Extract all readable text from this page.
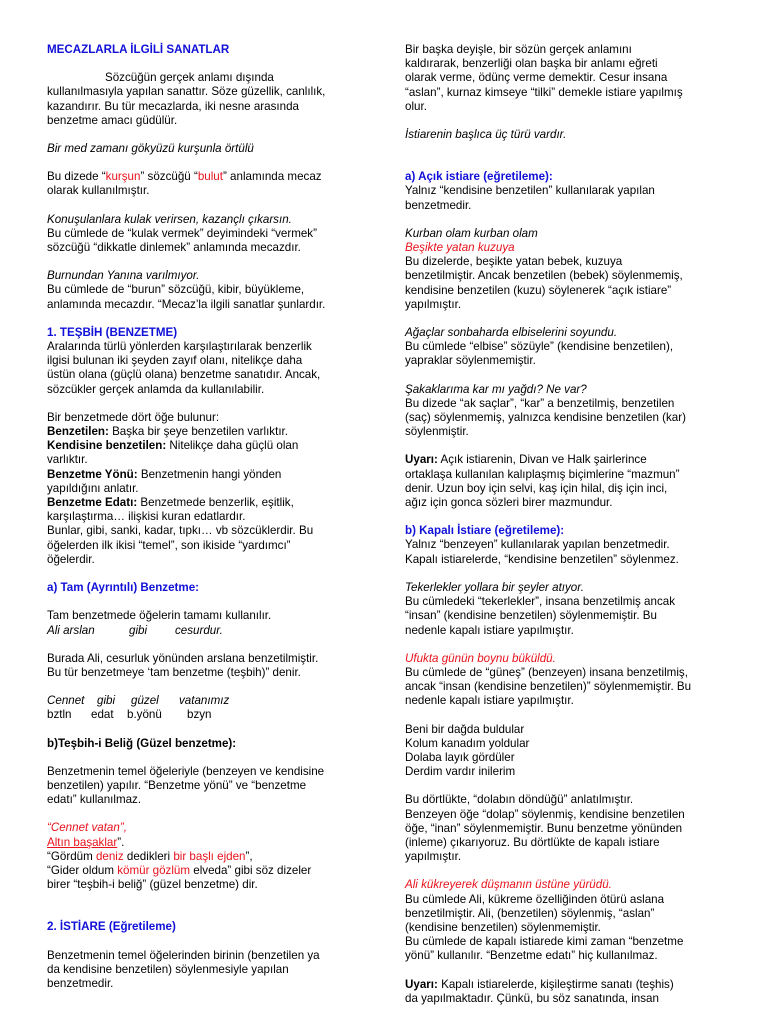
MECAZLARLA İLGİLİ SANATLAR

Sözcüğün gerçek anlamı dışında

kullanılmasıyla yapılan sanattır. Söze güzellik, canlılık,

kazandırır. Bu tür mecazlarda, iki nesne arasında

benzetme amacı güdülür.

Bir med zamanı gökyüzü kurşunla örtülü

Bu dizede “kurşun” sözcüğü “bulut” anlamında mecaz

olarak kullanılmıştır.

Konuşulanlara kulak verirsen, kazançlı çıkarsın.

Bu cümlede de “kulak vermek” deyimindeki “vermek”

sözcüğü “dikkatle dinlemek” anlamında mecazdır.

Burnundan Yanına varılmıyor.

Bu cümlede de “burun” sözcüğü, kibir, büyükleme,

anlamında mecazdır. “Mecaz’la ilgili sanatlar şunlardır.

1. TEŞBİH (BENZETME)

Aralarında türlü yönlerden karşılaştırılarak benzerlik

ilgisi bulunan iki şeyden zayıf olanı, nitelikçe daha

üstün olana (güçlü olana) benzetme sanatıdır. Ancak,

sözcükler gerçek anlamda da kullanılabilir.

Bir benzetmede dört öğe bulunur:

Benzetilen: Başka bir şeye benzetilen varlıktır.

Kendisine benzetilen: Nitelikçe daha güçlü olan

varlıktır.

Benzetme Yönü: Benzetmenin hangi yönden

yapıldığını anlatır.

Benzetme Edatı: Benzetmede benzerlik, eşitlik,

karşılaştırma… ilişkisi kuran edatlardır.

Bunlar, gibi, sanki, kadar, tıpkı… vb sözcüklerdir. Bu

öğelerden ilk ikisi “temel”, son ikiside “yardımcı”

öğelerdir.

a) Tam (Ayrıntılı) Benzetme:

Tam benzetmede öğelerin tamamı kullanılır.

Ali arslan	gibi cesurdur.

Burada Ali, cesurluk yönünden arslana benzetilmiştir.

Bu tür benzetmeye ‘tam benzetme (teşbih)” denir.

Cennet gibi güzel vatanımız

bztln edat b.yönü bzyn

b)Teşbih-i Beliğ (Güzel benzetme):

Benzetmenin temel öğeleriyle (benzeyen ve kendisine

benzetilen) yapılır. “Benzetme yönü” ve “benzetme

edatı” kullanılmaz.

“Cennet vatan”,

Altın başaklar”.

“Gördüm deniz dedikleri bir başlı ejden”,

“Gider oldum kömür gözlüm elveda” gibi söz dizeler

birer “teşbih-i beliğ” (güzel benzetme) dir.

2. İSTİARE (Eğretileme)

Benzetmenin temel öğelerinden birinin (benzetilen ya

da kendisine benzetilen) söylenmesiyle yapılan

benzetmedir.

Bir başka deyişle, bir sözün gerçek anlamını

kaldırarak, benzerliği olan başka bir anlamı eğreti

olarak verme, ödünç verme demektir. Cesur insana

“aslan”, kurnaz kimseye “tilki” demekle istiare yapılmış

olur.

İstiarenin başlıca üç türü vardır.

a) Açık istiare (eğretileme):

Yalnız “kendisine benzetilen” kullanılarak yapılan

benzetmedir.

Kurban olam kurban olam

Beşikte yatan kuzuya

Bu dizelerde, beşikte yatan bebek, kuzuya

benzetilmiştir. Ancak benzetilen (bebek) söylenmemiş,

kendisine benzetilen (kuzu) söylenerek “açık istiare”

yapılmıştır.

Ağaçlar sonbaharda elbiselerini soyundu.

Bu cümlede “elbise” sözüyle” (kendisine benzetilen),

yapraklar söylenmemiştir.

Şakaklarıma kar mı yağdı? Ne var?

Bu dizede “ak saçlar”, “kar” a benzetilmiş, benzetilen

(saç) söylenmemiş, yalnızca kendisine benzetilen (kar)

söylenmiştir.

Uyarı: Açık istiarenin, Divan ve Halk şairlerince

ortaklaşa kullanılan kalıplaşmış biçimlerine “mazmun”

denir. Uzun boy için selvi, kaş için hilal, diş için inci,

ağız için gonca sözleri birer mazmundur.

b) Kapalı İstiare (eğretileme):

Yalnız “benzeyen” kullanılarak yapılan benzetmedir.

Kapalı istiarelerde, “kendisine benzetilen” söylenmez.

Tekerlekler yollara bir şeyler atıyor.

Bu cümledeki “tekerlekler”, insana benzetilmiş ancak

“insan” (kendisine benzetilen) söylenmemiştir. Bu

nedenle kapalı istiare yapılmıştır.

Ufukta günün boynu büküldü.

Bu cümlede de “güneş” (benzeyen) insana benzetilmiş,

ancak “insan (kendisine benzetilen)” söylenmemiştir. Bu

nedenle kapalı istiare yapılmıştır.

Beni bir dağda buldular

Kolum kanadım yoldular

Dolaba layık gördüler

Derdim vardır inilerim

Bu dörtlükte, “dolabın döndüğü” anlatılmıştır.

Benzeyen öğe “dolap” söylenmiş, kendisine benzetilen

öğe, “inan” söylenmemiştir. Bunu benzetme yönünden

(inleme) çıkarıyoruz. Bu dörtlükte de kapalı istiare

yapılmıştır.

Ali kükreyerek düşmanın üstüne yürüdü.

Bu cümlede Ali, kükreme özelliğinden ötürü aslana

benzetilmiştir. Ali, (benzetilen) söylenmiş, “aslan”

(kendisine benzetilen) söylenmemiştir.

Bu cümlede de kapalı istiarede kimi zaman “benzetme

yönü” kullanılır. “Benzetme edatı” hiç kullanılmaz.

Uyarı: Kapalı istiarelerde, kişileştirme sanatı (teşhis)

da yapılmaktadır. Çünkü, bu söz sanatında, insan
